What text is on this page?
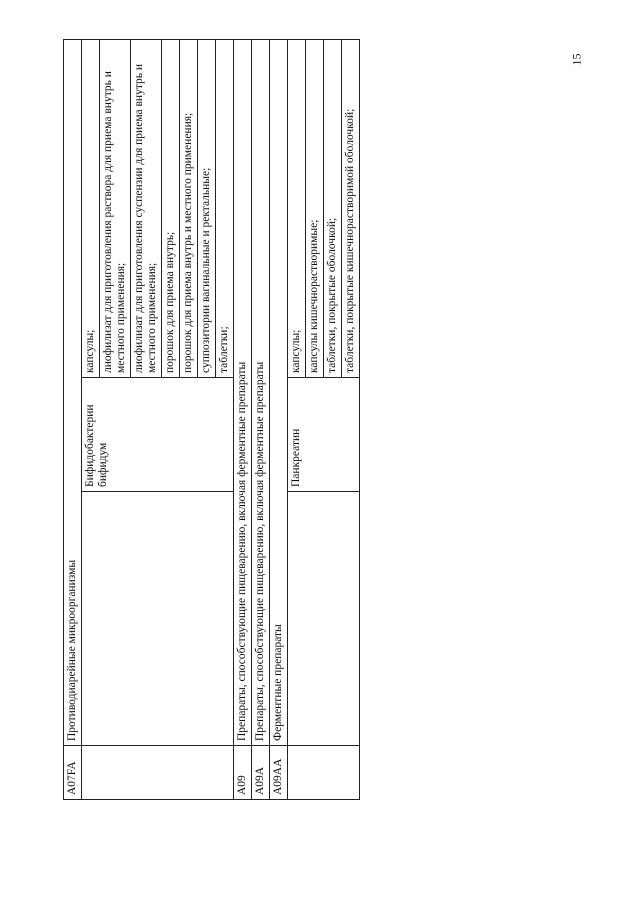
15
A07FA	Противодиарейные микроорганизмы		
		Бифидобактерии бифидум	капсулы;
			лиофилизат для приготовления раствора для приема внутрь и местного применения;
			лиофилизат для приготовления суспензии для приема внутрь и местного применения;
			порошок для приема внутрь;
			порошок для приема внутрь и местного применения;
			суппозитории вагинальные и ректальные;
			таблетки;
A09	Препараты, способствующие пищеварению, включая ферментные препараты		
A09A	Препараты, способствующие пищеварению, включая ферментные препараты		
A09AA	Ферментные препараты		
		Панкреатин	капсулы;
			капсулы кишечнорастворимые;
			таблетки, покрытые оболочкой;
			таблетки, покрытые кишечнорастворимой оболочкой;
